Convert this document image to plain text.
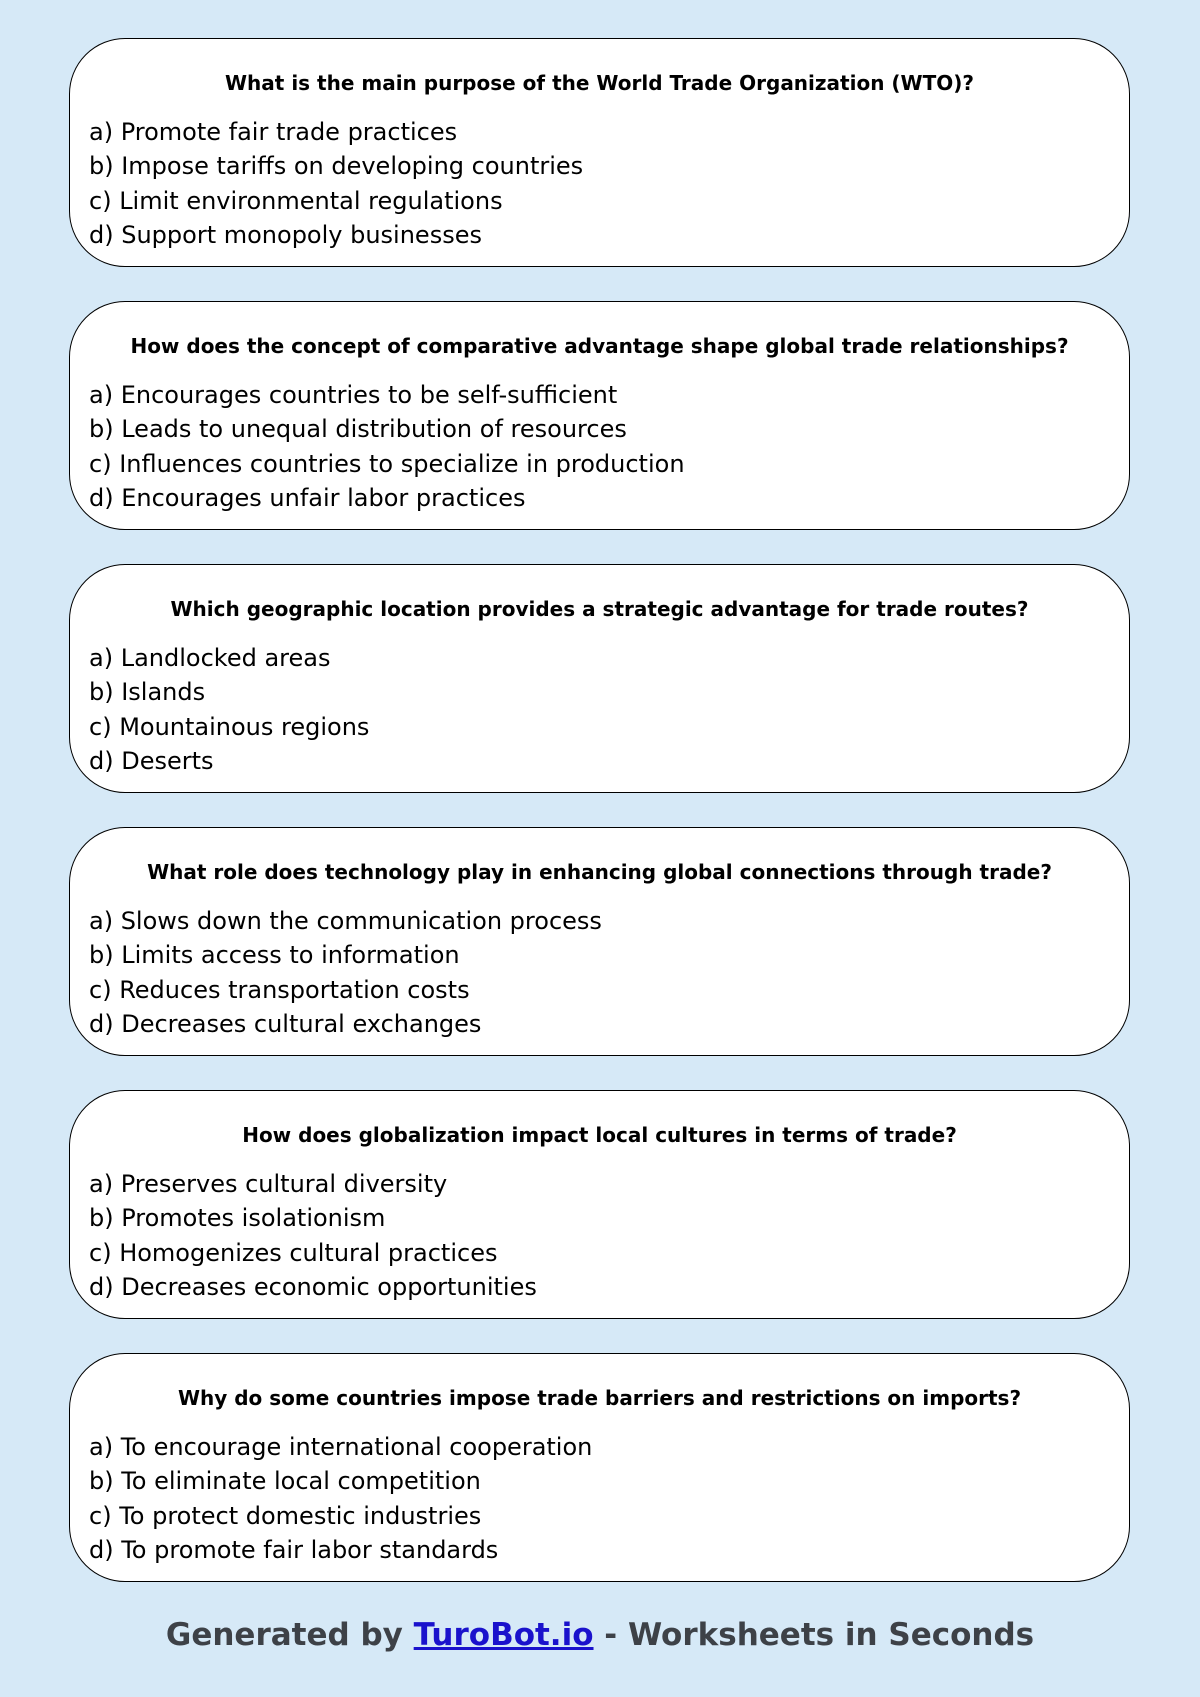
What is the main purpose of the World Trade Organization (WTO)?
a) Promote fair trade practices
b) Impose tariffs on developing countries
c) Limit environmental regulations
d) Support monopoly businesses
How does the concept of comparative advantage shape global trade relationships?
a) Encourages countries to be self-sufficient
b) Leads to unequal distribution of resources
c) Influences countries to specialize in production
d) Encourages unfair labor practices
Which geographic location provides a strategic advantage for trade routes?
a) Landlocked areas
b) Islands
c) Mountainous regions
d) Deserts
What role does technology play in enhancing global connections through trade?
a) Slows down the communication process
b) Limits access to information
c) Reduces transportation costs
d) Decreases cultural exchanges
How does globalization impact local cultures in terms of trade?
a) Preserves cultural diversity
b) Promotes isolationism
c) Homogenizes cultural practices
d) Decreases economic opportunities
Why do some countries impose trade barriers and restrictions on imports?
a) To encourage international cooperation
b) To eliminate local competition
c) To protect domestic industries
d) To promote fair labor standards
Generated by TuroBot.io - Worksheets in Seconds
